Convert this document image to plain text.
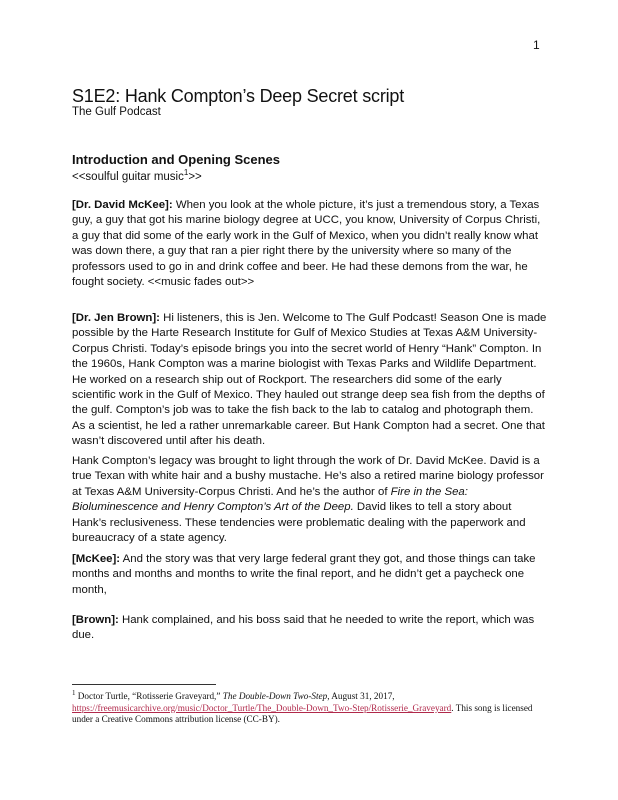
1
S1E2: Hank Compton’s Deep Secret script
The Gulf Podcast
Introduction and Opening Scenes
<<soulful guitar music$^1$>>

[Dr. David McKee]: When you look at the whole picture, it’s just a tremendous story, a Texas guy, a guy that got his marine biology degree at UCC, you know, University of Corpus Christi, a guy that did some of the early work in the Gulf of Mexico, when you didn’t really know what was down there, a guy that ran a pier right there by the university where so many of the professors used to go in and drink coffee and beer. He had these demons from the war, he fought society. <<music fades out>>

[Dr. Jen Brown]: Hi listeners, this is Jen. Welcome to The Gulf Podcast! Season One is made possible by the Harte Research Institute for Gulf of Mexico Studies at Texas A&M University-Corpus Christi. Today’s episode brings you into the secret world of Henry “Hank” Compton. In the 1960s, Hank Compton was a marine biologist with Texas Parks and Wildlife Department. He worked on a research ship out of Rockport. The researchers did some of the early scientific work in the Gulf of Mexico. They hauled out strange deep sea fish from the depths of the gulf. Compton’s job was to take the fish back to the lab to catalog and photograph them. As a scientist, he led a rather unremarkable career. But Hank Compton had a secret. One that wasn’t discovered until after his death.

Hank Compton’s legacy was brought to light through the work of Dr. David McKee. David is a true Texan with white hair and a bushy mustache. He’s also a retired marine biology professor at Texas A&M University-Corpus Christi. And he’s the author of Fire in the Sea: Bioluminescence and Henry Compton’s Art of the Deep. David likes to tell a story about Hank’s reclusiveness. These tendencies were problematic dealing with the paperwork and bureaucracy of a state agency.

[McKee]: And the story was that very large federal grant they got, and those things can take months and months and months to write the final report, and he didn’t get a paycheck one month,

[Brown]: Hank complained, and his boss said that he needed to write the report, which was due.

$^1$ Doctor Turtle, “Rotisserie Graveyard,” The Double-Down Two-Step, August 31, 2017, https://freemusicarchive.org/music/Doctor_Turtle/The_Double-Down_Two-Step/Rotisserie_Graveyard. This song is licensed under a Creative Commons attribution license (CC-BY).
